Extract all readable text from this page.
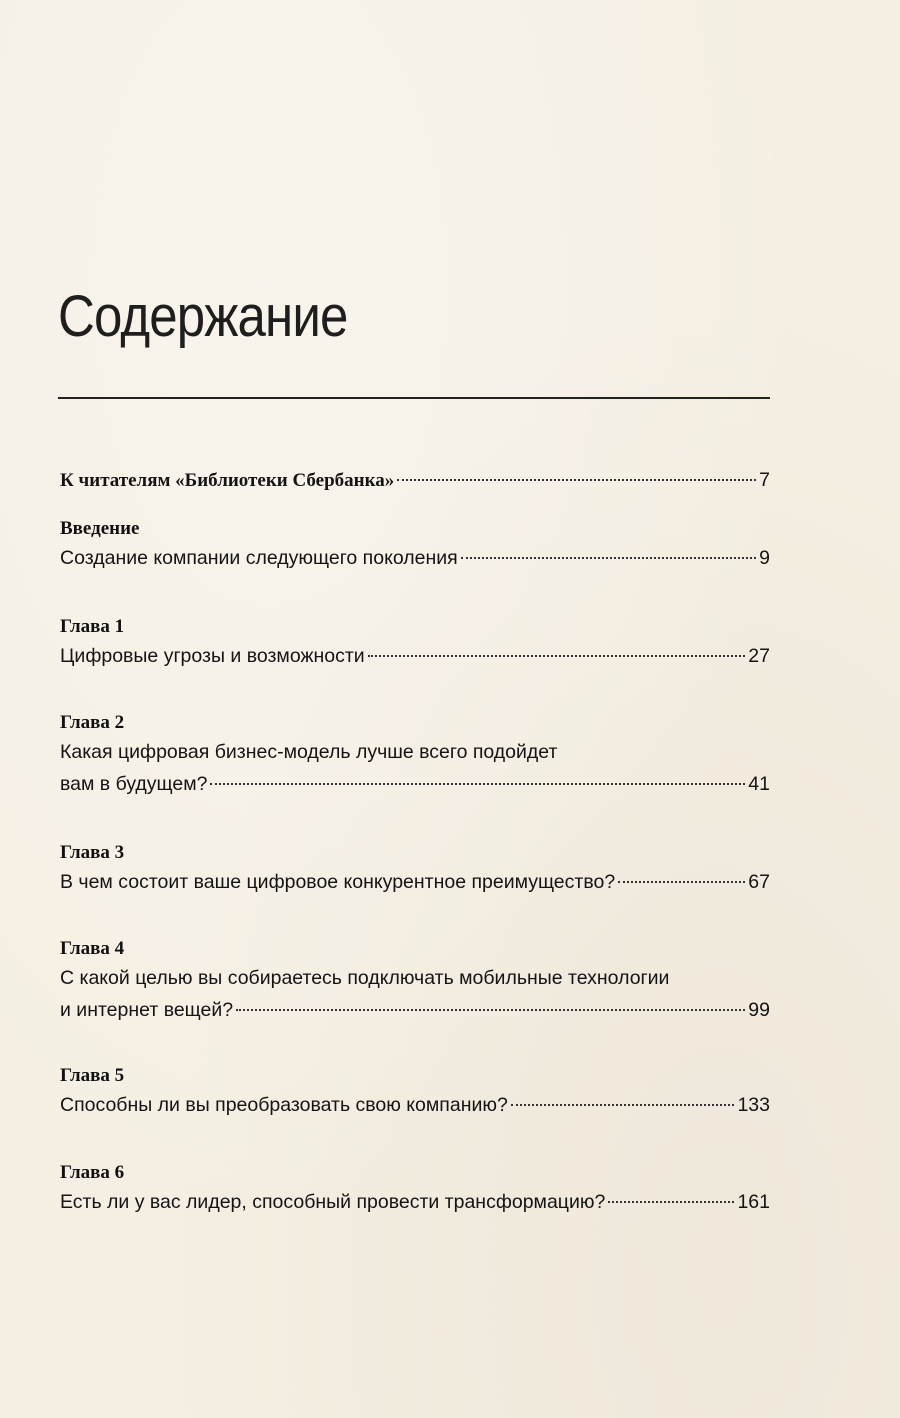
Содержание
К читателям «Библиотеки Сбербанка»	7
Введение
Создание компании следующего поколения	9
Глава 1
Цифровые угрозы и возможности	27
Глава 2
Какая цифровая бизнес-модель лучше всего подойдет
вам в будущем?	41
Глава 3
В чем состоит ваше цифровое конкурентное преимущество?	67
Глава 4
С какой целью вы собираетесь подключать мобильные технологии
и интернет вещей?	99
Глава 5
Способны ли вы преобразовать свою компанию?	133
Глава 6
Есть ли у вас лидер, способный провести трансформацию?	161
